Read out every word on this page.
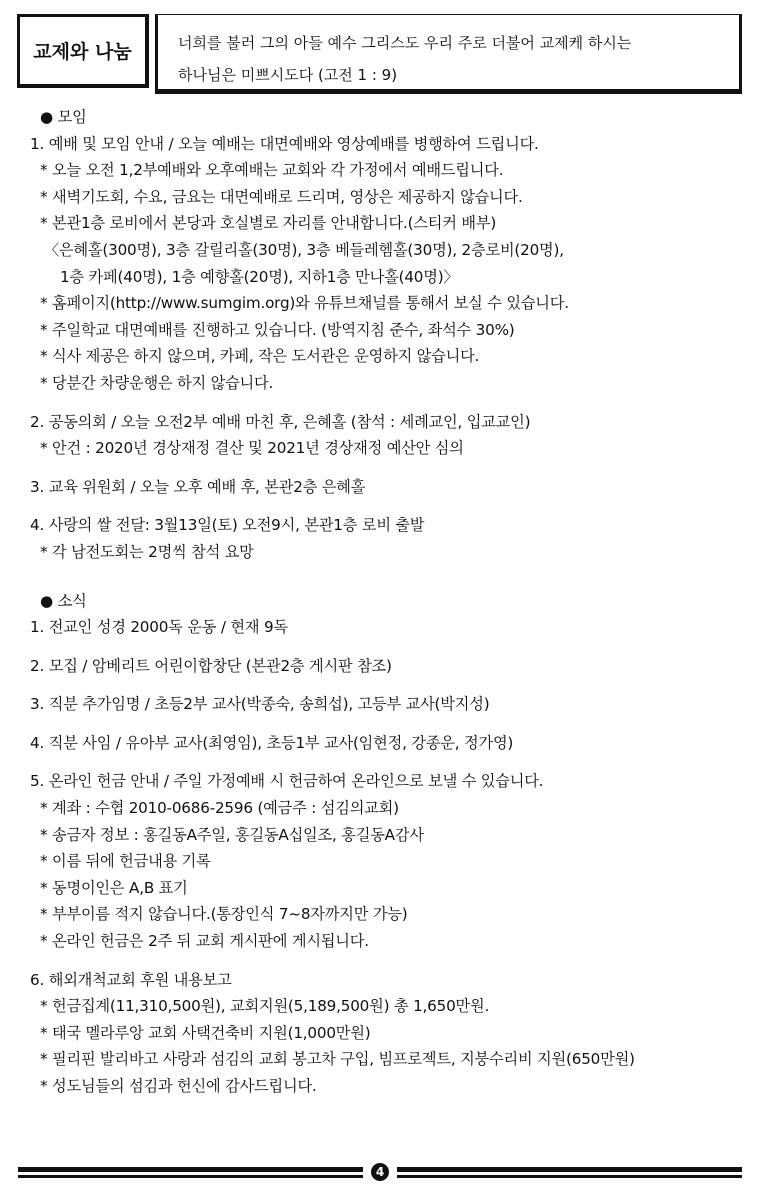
교제와 나눔	너희를 불러 그의 아들 예수 그리스도 우리 주로 더불어 교제케 하시는
하나님은 미쁘시도다 (고전 1 : 9)
● 모임
1. 예배 및 모임 안내 / 오늘 예배는 대면예배와 영상예배를 병행하여 드립니다.
* 오늘 오전 1,2부예배와 오후예배는 교회와 각 가정에서 예배드립니다.
* 새벽기도회, 수요, 금요는 대면예배로 드리며, 영상은 제공하지 않습니다.
* 본관1층 로비에서 본당과 호실별로 자리를 안내합니다.(스티커 배부)
〈은혜홀(300명), 3층 갈릴리홀(30명), 3층 베들레헴홀(30명), 2층로비(20명),
1층 카페(40명), 1층 예향홀(20명), 지하1층 만나홀(40명)〉
* 홈페이지(http://www.sumgim.org)와 유튜브채널를 통해서 보실 수 있습니다.
* 주일학교 대면예배를 진행하고 있습니다. (방역지침 준수, 좌석수 30%)
* 식사 제공은 하지 않으며, 카페, 작은 도서관은 운영하지 않습니다.
* 당분간 차량운행은 하지 않습니다.
2. 공동의회 / 오늘 오전2부 예배 마친 후, 은혜홀 (참석 : 세례교인, 입교교인)
* 안건 : 2020년 경상재정 결산 및 2021년 경상재정 예산안 심의
3. 교육 위원회 / 오늘 오후 예배 후, 본관2층 은혜홀
4. 사랑의 쌀 전달: 3월13일(토) 오전9시, 본관1층 로비 출발
* 각 남전도회는 2명씩 참석 요망
● 소식
1. 전교인 성경 2000독 운동 / 현재 9독
2. 모집 / 암베리트 어린이합창단 (본관2층 게시판 참조)
3. 직분 추가임명 / 초등2부 교사(박종숙, 송희섭), 고등부 교사(박지성)
4. 직분 사임 / 유아부 교사(최영임), 초등1부 교사(임현정, 강종운, 정가영)
5. 온라인 헌금 안내 / 주일 가정예배 시 헌금하여 온라인으로 보낼 수 있습니다.
* 계좌 : 수협 2010-0686-2596 (예금주 : 섬김의교회)
* 송금자 정보 : 홍길동A주일, 홍길동A십일조, 홍길동A감사
* 이름 뒤에 헌금내용 기록
* 동명이인은 A,B 표기
* 부부이름 적지 않습니다.(통장인식 7~8자까지만 가능)
* 온라인 헌금은 2주 뒤 교회 게시판에 게시됩니다.
6. 해외개척교회 후원 내용보고
* 헌금집계(11,310,500원), 교회지원(5,189,500원) 총 1,650만원.
* 태국 멜라루앙 교회 사택건축비 지원(1,000만원)
* 필리핀 발리바고 사랑과 섬김의 교회 봉고차 구입, 빔프로젝트, 지붕수리비 지원(650만원)
* 성도님들의 섬김과 헌신에 감사드립니다.
4
